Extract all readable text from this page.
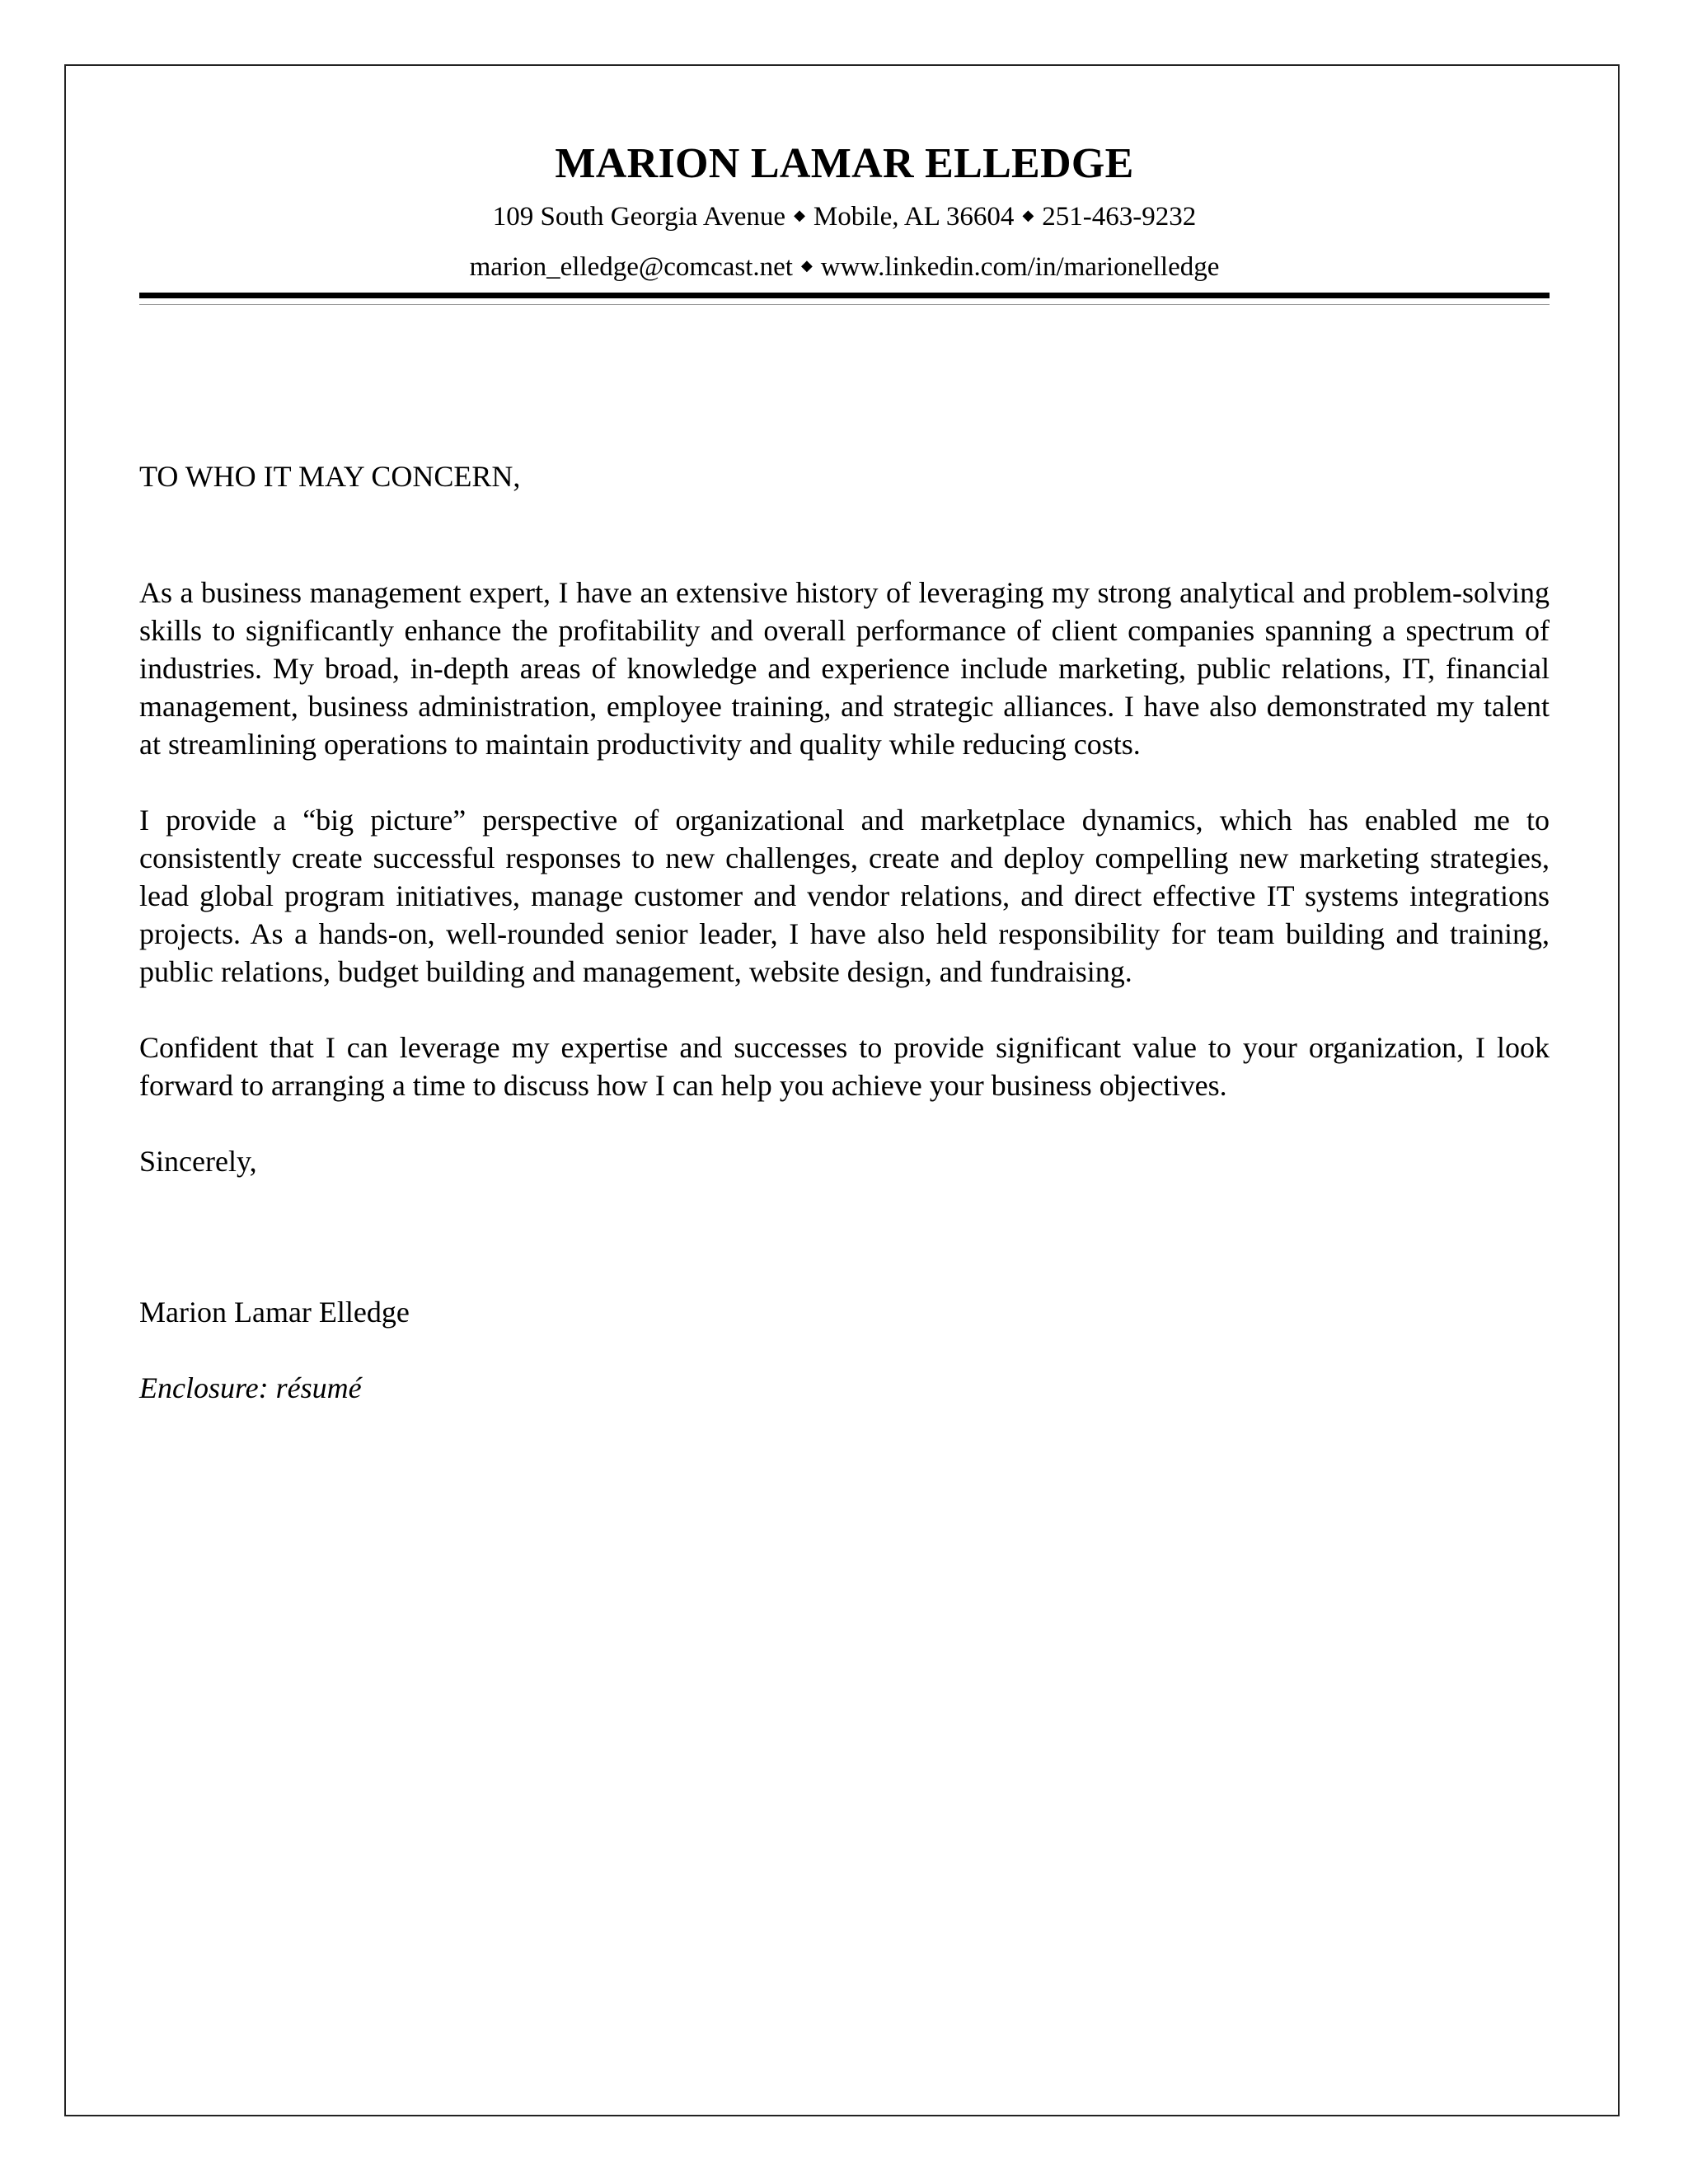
MARION LAMAR ELLEDGE
109 South Georgia Avenue ◆ Mobile, AL 36604 ◆ 251-463-9232
marion_elledge@comcast.net ◆ www.linkedin.com/in/marionelledge

TO WHO IT MAY CONCERN,

As a business management expert, I have an extensive history of leveraging my strong analytical and problem-solving skills to significantly enhance the profitability and overall performance of client companies spanning a spectrum of industries. My broad, in-depth areas of knowledge and experience include marketing, public relations, IT, financial management, business administration, employee training, and strategic alliances. I have also demonstrated my talent at streamlining operations to maintain productivity and quality while reducing costs.

I provide a “big picture” perspective of organizational and marketplace dynamics, which has enabled me to consistently create successful responses to new challenges, create and deploy compelling new marketing strategies, lead global program initiatives, manage customer and vendor relations, and direct effective IT systems integrations projects. As a hands-on, well-rounded senior leader, I have also held responsibility for team building and training, public relations, budget building and management, website design, and fundraising.

Confident that I can leverage my expertise and successes to provide significant value to your organization, I look forward to arranging a time to discuss how I can help you achieve your business objectives.

Sincerely,

Marion Lamar Elledge

Enclosure: résumé
